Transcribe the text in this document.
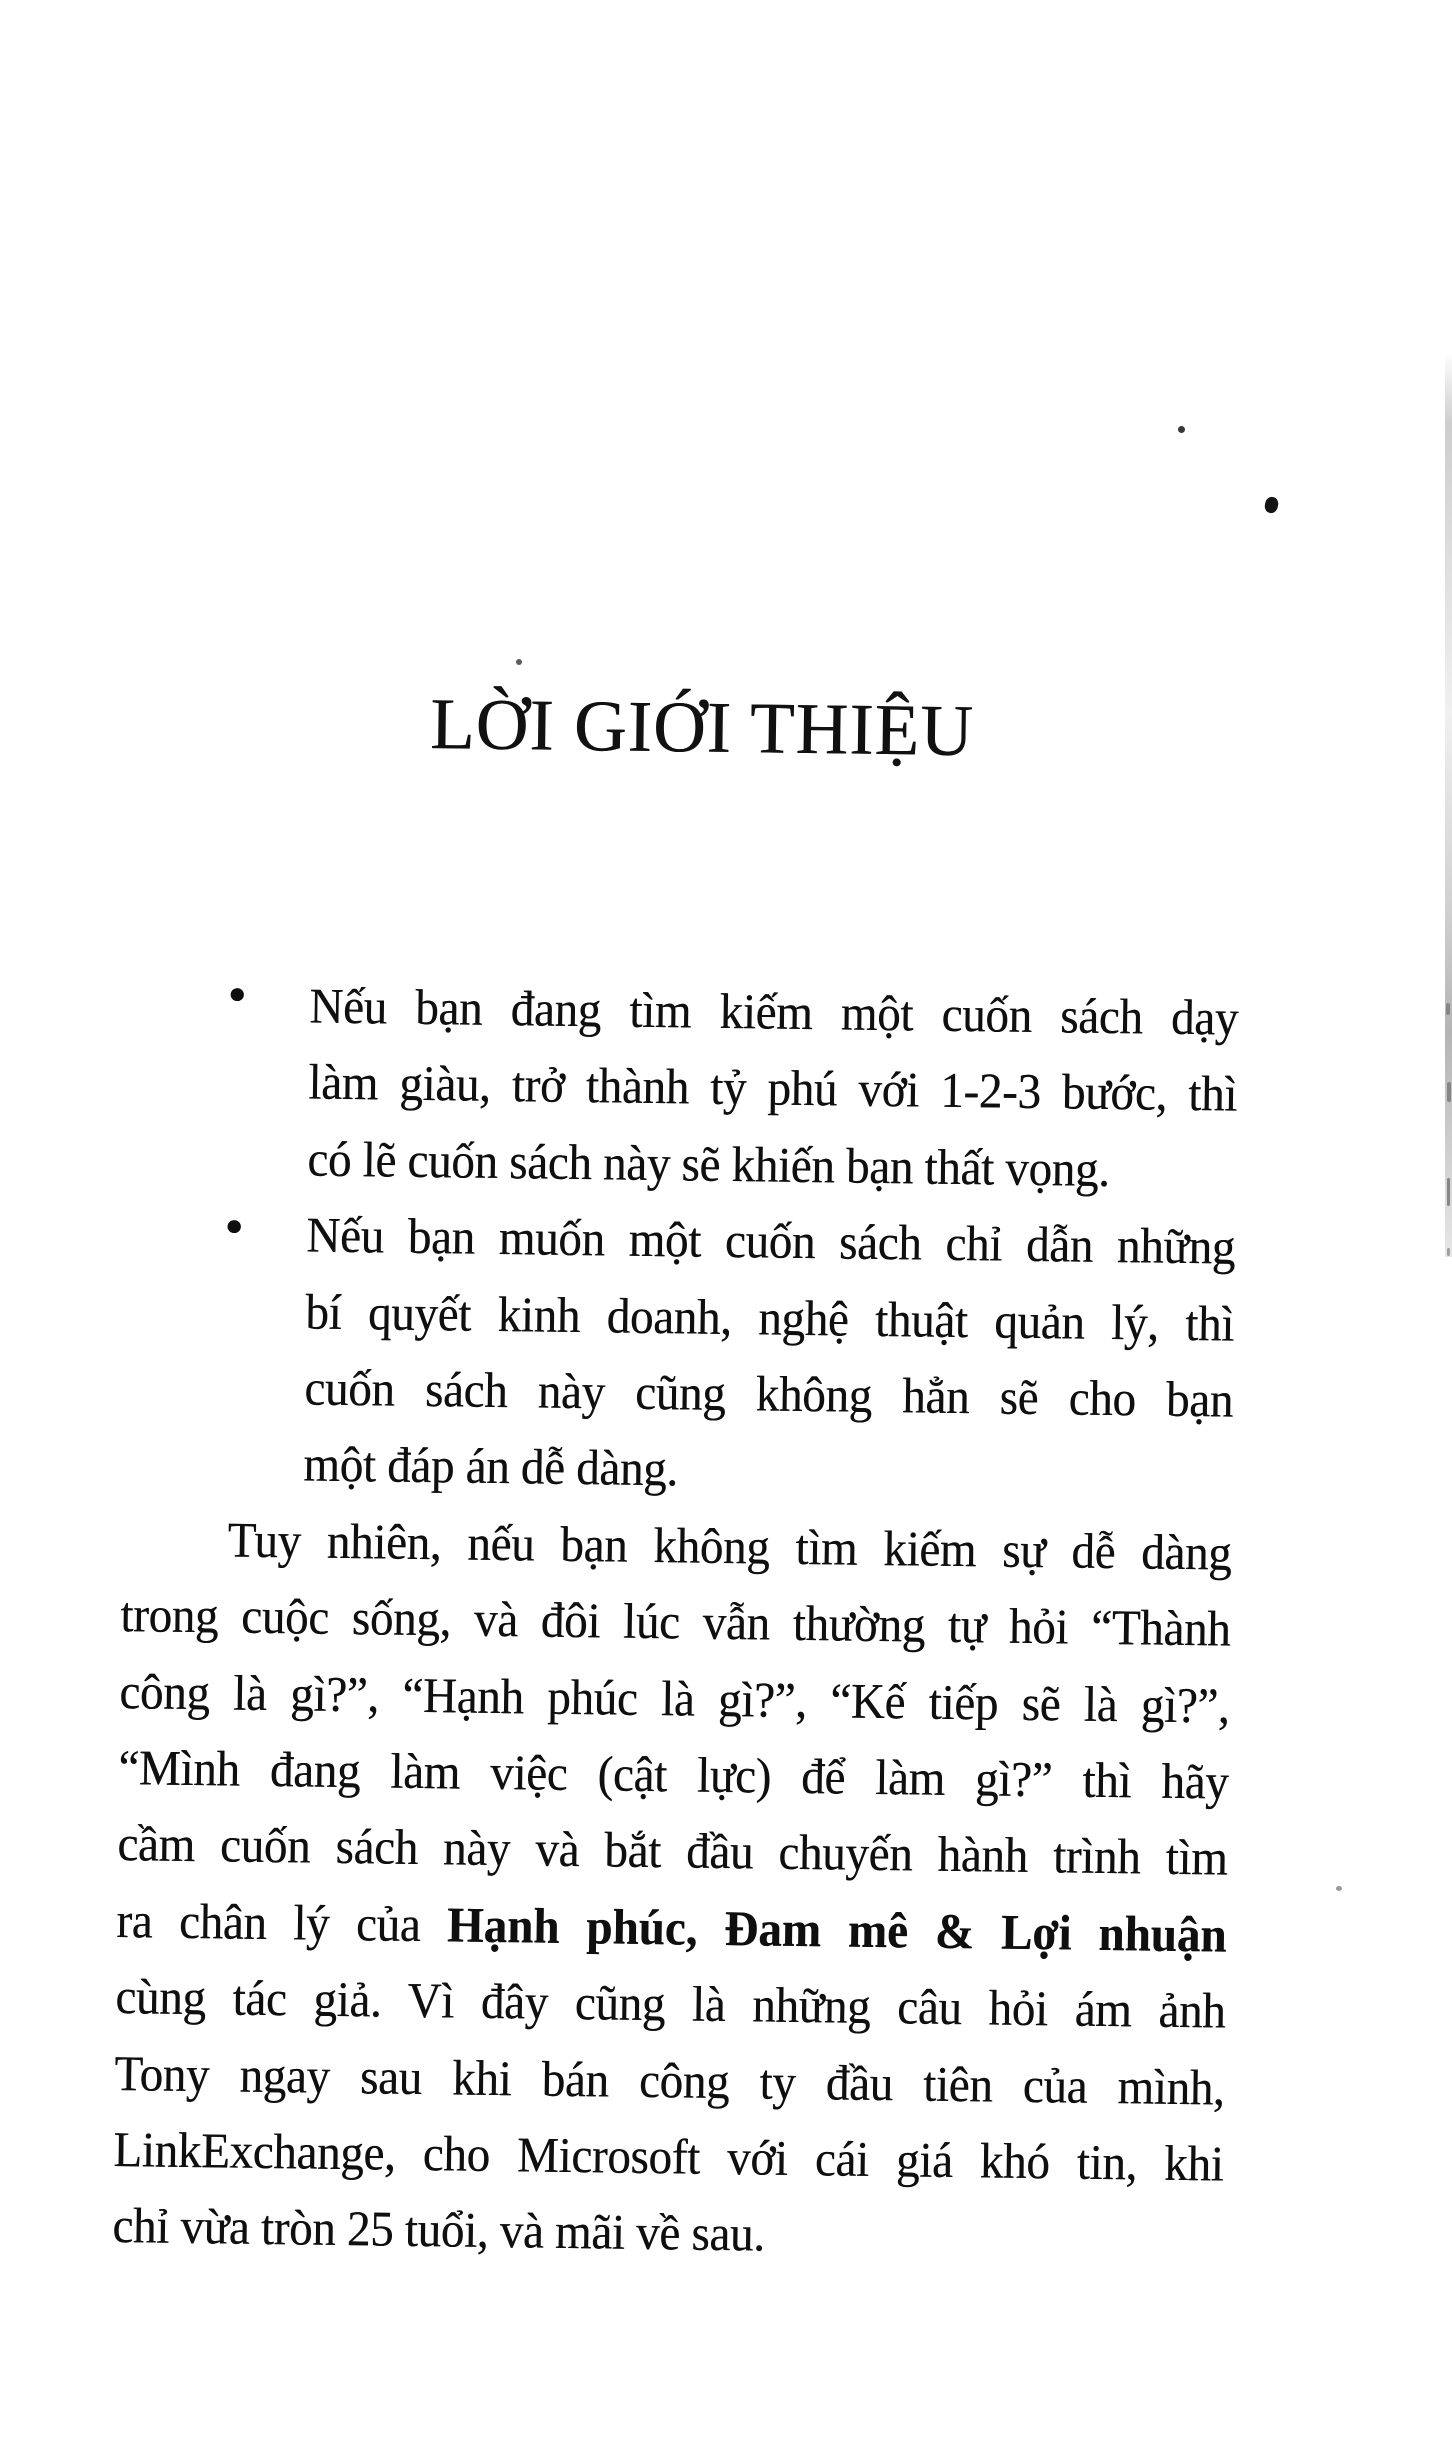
LỜI GIỚI THIỆU
•	Nếu bạn đang tìm kiếm một cuốn sách dạy
làm giàu, trở thành tỷ phú với 1-2-3 bước, thì
có lẽ cuốn sách này sẽ khiến bạn thất vọng.
•	Nếu bạn muốn một cuốn sách chỉ dẫn những
bí quyết kinh doanh, nghệ thuật quản lý, thì
cuốn sách này cũng không hẳn sẽ cho bạn
một đáp án dễ dàng.
Tuy nhiên, nếu bạn không tìm kiếm sự dễ dàng
trong cuộc sống, và đôi lúc vẫn thường tự hỏi “Thành
công là gì?”, “Hạnh phúc là gì?”, “Kế tiếp sẽ là gì?”,
“Mình đang làm việc (cật lực) để làm gì?” thì hãy
cầm cuốn sách này và bắt đầu chuyến hành trình tìm
ra chân lý của Hạnh phúc, Đam mê & Lợi nhuận
cùng tác giả. Vì đây cũng là những câu hỏi ám ảnh
Tony ngay sau khi bán công ty đầu tiên của mình,
LinkExchange, cho Microsoft với cái giá khó tin, khi
chỉ vừa tròn 25 tuổi, và mãi về sau.
